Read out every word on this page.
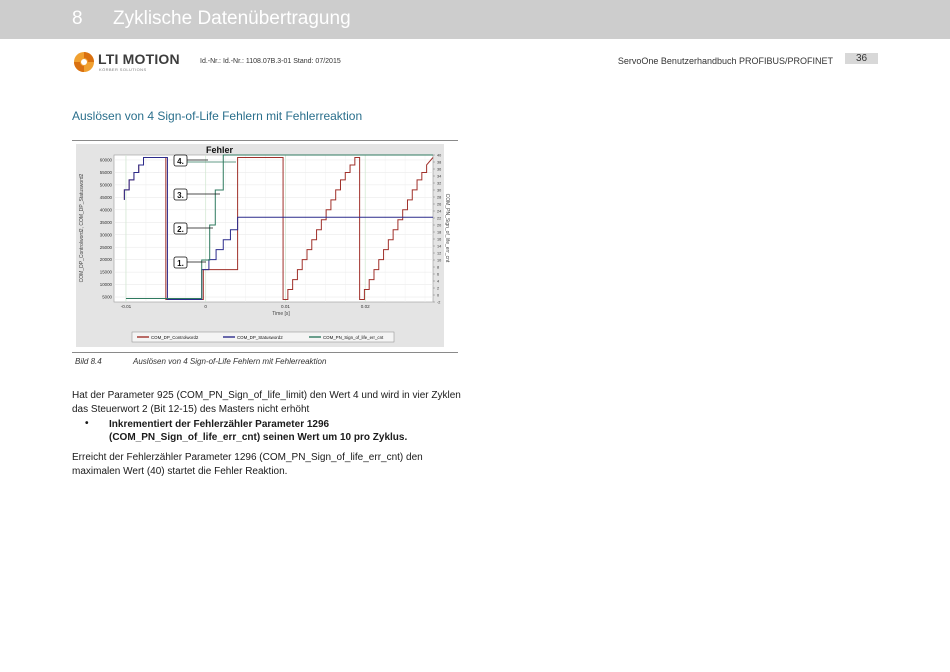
8 Zyklische Datenübertragung
LTI MOTION
KÖRBER SOLUTIONS
Id.-Nr.: Id.-Nr.: 1108.07B.3-01 Stand: 07/2015	ServoOne Benutzerhandbuch PROFIBUS/PROFINET	36
Auslösen von 4 Sign-of-Life Fehlern mit Fehlerreaktion
5000
10000
15000
20000
25000
30000
35000
40000
45000
50000
55000
60000
-2
0
2
4
6
8
10
12
14
16
18
20
22
24
26
28
30
32
34
36
38
40
-0.01	0	0.01	0.02
COM_DP_Controlword2, COM_DP_Statusword2	COM_PN_Sign_of_life_err_cnt
Time [s]
Fehler
4.
3.
2.
1.
COM_DP_Controlword2	COM_DP_Statusword2	COM_PN_Sign_of_life_err_cnt
Bild 8.4	Auslösen von 4 Sign-of-Life Fehlern mit Fehlerreaktion
Hat der Parameter 925 (COM_PN_Sign_of_life_limit) den Wert 4 und wird in vier Zyklen
das Steuerwort 2 (Bit 12-15) des Masters nicht erhöht
• Inkrementiert der Fehlerzähler Parameter 1296
(COM_PN_Sign_of_life_err_cnt) seinen Wert um 10 pro Zyklus.
Erreicht der Fehlerzähler Parameter 1296 (COM_PN_Sign_of_life_err_cnt) den
maximalen Wert (40) startet die Fehler Reaktion.
